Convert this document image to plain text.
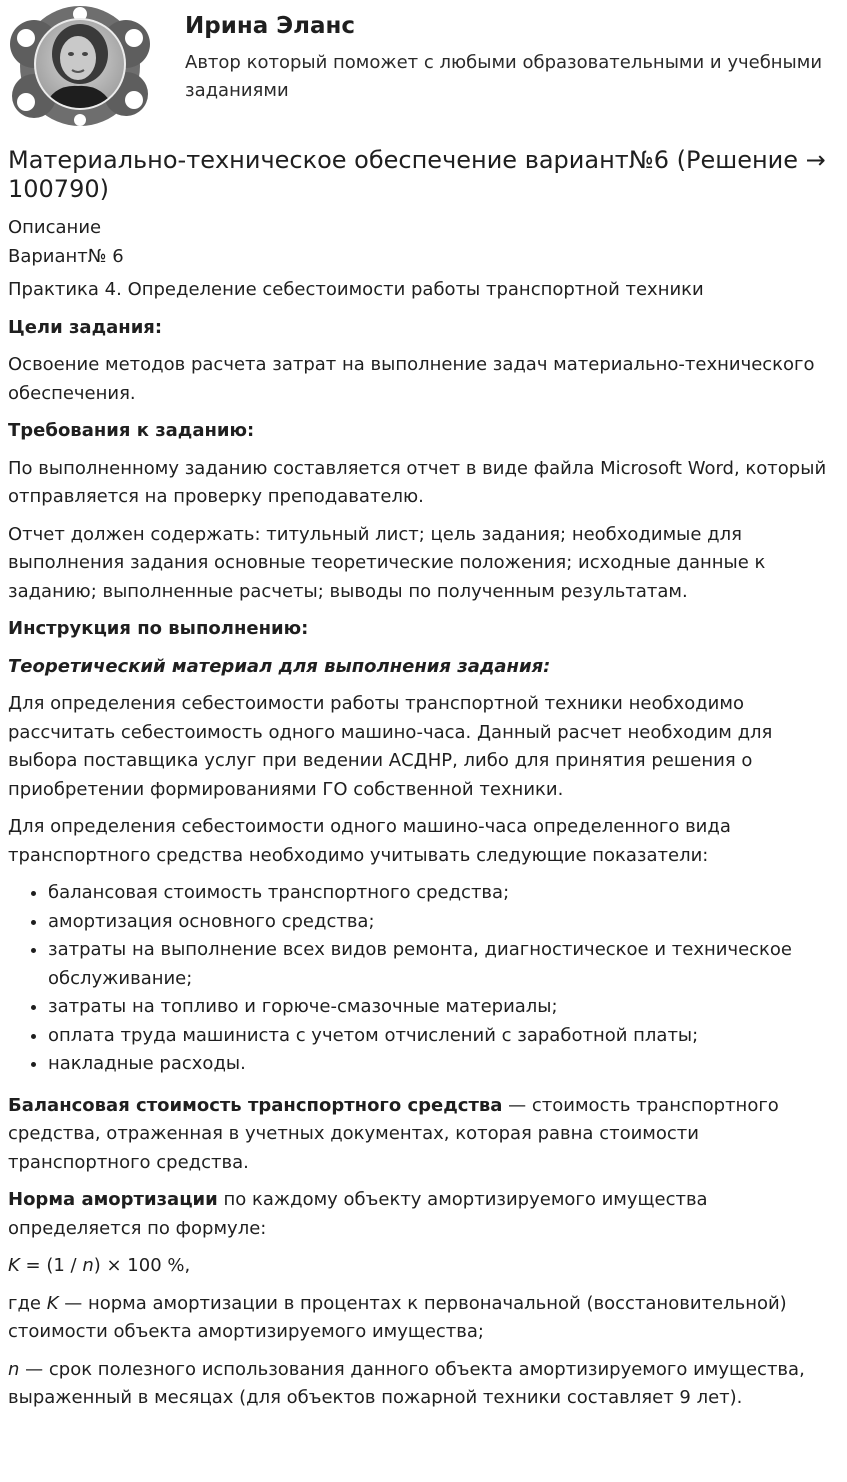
Ирина Эланс
Автор который поможет с любыми образовательными и учебными заданиями
Материально-техническое обеспечение вариант№6 (Решение → 100790)
Описание
Вариант№ 6

Практика 4. Определение себестоимости работы транспортной техники

Цели задания:

Освоение методов расчета затрат на выполнение задач материально-технического обеспечения.

Требования к заданию:

По выполненному заданию составляется отчет в виде файла Microsoft Word, который отправляется на проверку преподавателю.

Отчет должен содержать: титульный лист; цель задания; необходимые для выполнения задания основные теоретические положения; исходные данные к заданию; выполненные расчеты; выводы по полученным результатам.

Инструкция по выполнению:

Теоретический материал для выполнения задания:

Для определения себестоимости работы транспортной техники необходимо рассчитать себестоимость одного машино-часа. Данный расчет необходим для выбора поставщика услуг при ведении АСДНР, либо для принятия решения о приобретении формированиями ГО собственной техники.

Для определения себестоимости одного машино-часа определенного вида транспортного средства необходимо учитывать следующие показатели:

• балансовая стоимость транспортного средства;
• амортизация основного средства;
• затраты на выполнение всех видов ремонта, диагностическое и техническое обслуживание;
• затраты на топливо и горюче-смазочные материалы;
• оплата труда машиниста с учетом отчислений с заработной платы;
• накладные расходы.

Балансовая стоимость транспортного средства — стоимость транспортного средства, отраженная в учетных документах, которая равна стоимости транспортного средства.

Норма амортизации по каждому объекту амортизируемого имущества определяется по формуле:

K = (1 / n) × 100 %,

где K — норма амортизации в процентах к первоначальной (восстановительной) стоимости объекта амортизируемого имущества;

n — срок полезного использования данного объекта амортизируемого имущества, выраженный в месяцах (для объектов пожарной техники составляет 9 лет).
